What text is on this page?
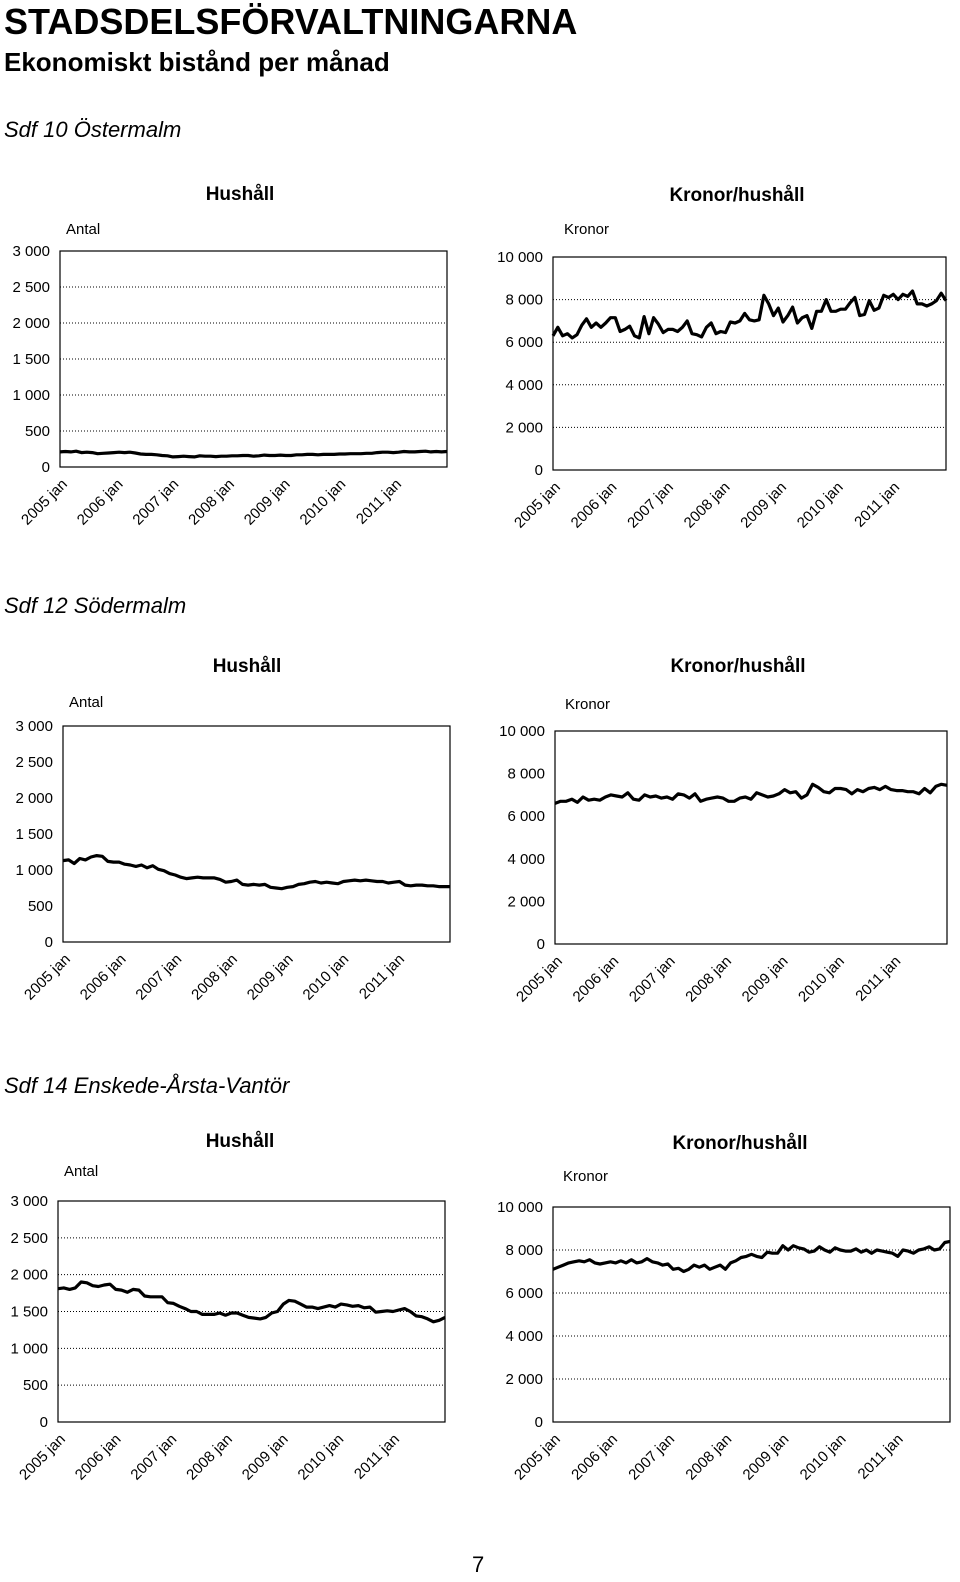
STADSDELSFÖRVALTNINGARNA
Ekonomiskt bistånd per månad
Sdf 10 Östermalm
Sdf 12 Södermalm
Sdf 14 Enskede-Årsta-Vantör
Hushåll
Antal
0
500
1 000
1 500
2 000
2 500
3 000
2005 jan 2006 jan 2007 jan 2008 jan 2009 jan 2010 jan 2011 jan
Kronor/hushåll
Kronor
0
2 000
4 000
6 000
8 000
10 000
2005 jan 2006 jan 2007 jan 2008 jan 2009 jan 2010 jan 2011 jan
Hushåll
Antal
0
500
1 000
1 500
2 000
2 500
3 000
2005 jan 2006 jan 2007 jan 2008 jan 2009 jan 2010 jan 2011 jan
Kronor/hushåll
Kronor
0
2 000
4 000
6 000
8 000
10 000
2005 jan 2006 jan 2007 jan 2008 jan 2009 jan 2010 jan 2011 jan
Hushåll
Antal
0
500
1 000
1 500
2 000
2 500
3 000
2005 jan 2006 jan 2007 jan 2008 jan 2009 jan 2010 jan 2011 jan
Kronor/hushåll
Kronor
0
2 000
4 000
6 000
8 000
10 000
2005 jan 2006 jan 2007 jan 2008 jan 2009 jan 2010 jan 2011 jan
7
